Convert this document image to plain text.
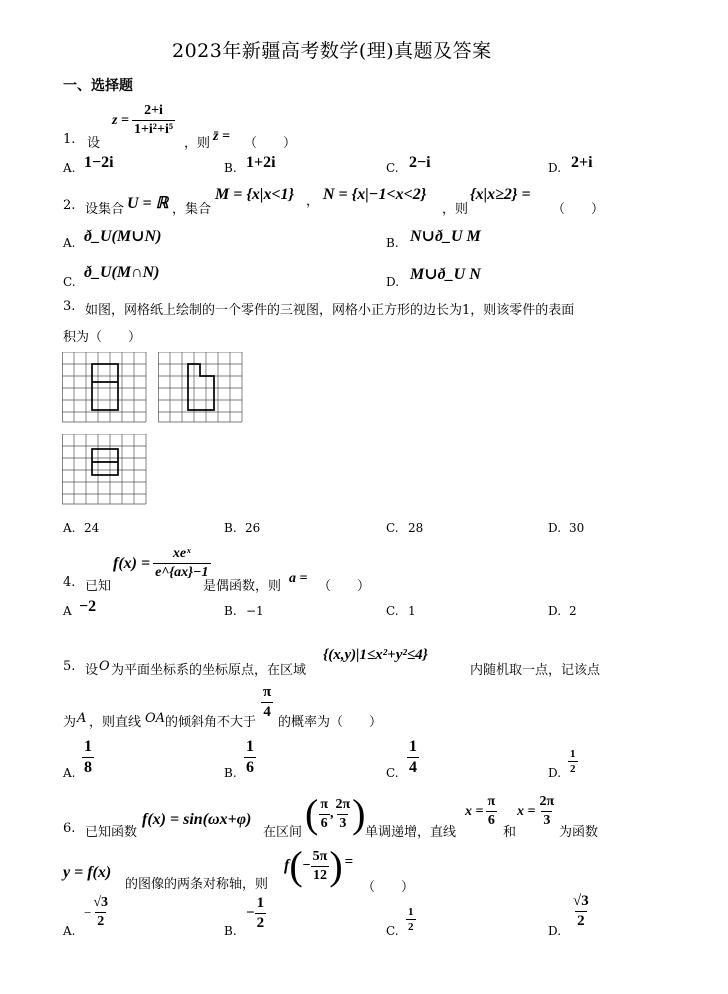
2023年新疆高考数学(理)真题及答案
一、选择题
1. 设
$z = \frac{2+i}{\text{1+i²+i⁵}}$
，则 z̄ = （　　）
A. 1−2i	B. 1+2i	C. 2−i	D. 2+i
2. 设集合 U = ℝ ，集合
M = {x|x<1} ， N = {x|−1<x<2}
，则
{x|x≥2} =
（　　）
A. ð_U(M∪N)	B. N∪ð_U M
C.
ð_U(M∩N)
D. M∪ð_U N
3. 如图，网格纸上绘制的一个零件的三视图，网格小正方形的边长为1，则该零件的表面
积为（　　）
A. 24	B. 26	C. 28	D. 30
4. 已知
$f(x) = \frac{\text{xeˣ}}{e\^{}\{ax\}-1}$
是偶函数，则
a =
（　　）
A −2	B. −1	C. 1	D. 2
5. 设 O 为平面坐标系的坐标原点，在区域
{(x,y)|1≤x²+y²≤4}
内随机取一点，记该点
为 A ，则直线 OA 的倾斜角不大于
$\frac{\pi}{4}$
的概率为（　　）
A. $\frac{1}{8}$	B. $\frac{1}{6}$	C. $\frac{1}{4}$	D. $\frac{1}{2}$
6. 已知函数
f(x) = sin(ωx+φ)
在区间 ( $\frac{\pi}{6}$ , $\frac{2\pi}{3}$ ) 单调递增，直线
$x = \frac{\pi}{6}$
和
$x = \frac{2\pi}{3}$
为函数
y = f(x)
的图像的两条对称轴，则
f ( − $\frac{5\pi}{12}$ ) =
（　　）
A.
− $\frac{√3}{2}$
B.
− $\frac{1}{2}$	C. $\frac{1}{2}$	D.
$\frac{√3}{2}$
